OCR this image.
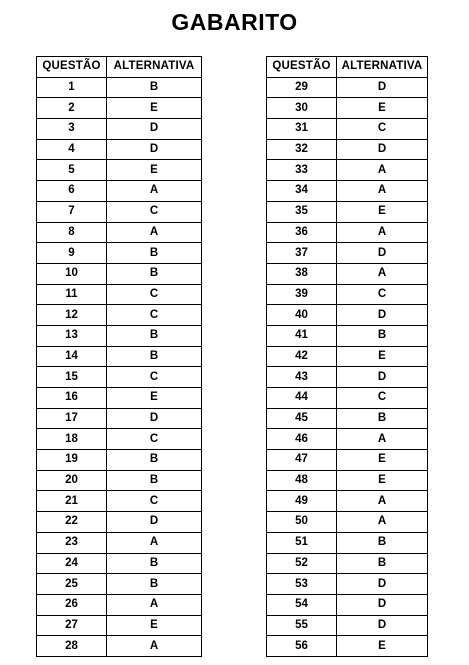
GABARITO
QUESTÃO	ALTERNATIVA
1	B
2	E
3	D
4	D
5	E
6	A
7	C
8	A
9	B
10	B
11	C
12	C
13	B
14	B
15	C
16	E
17	D
18	C
19	B
20	B
21	C
22	D
23	A
24	B
25	B
26	A
27	E
28	A
QUESTÃO	ALTERNATIVA
29	D
30	E
31	C
32	D
33	A
34	A
35	E
36	A
37	D
38	A
39	C
40	D
41	B
42	E
43	D
44	C
45	B
46	A
47	E
48	E
49	A
50	A
51	B
52	B
53	D
54	D
55	D
56	E
